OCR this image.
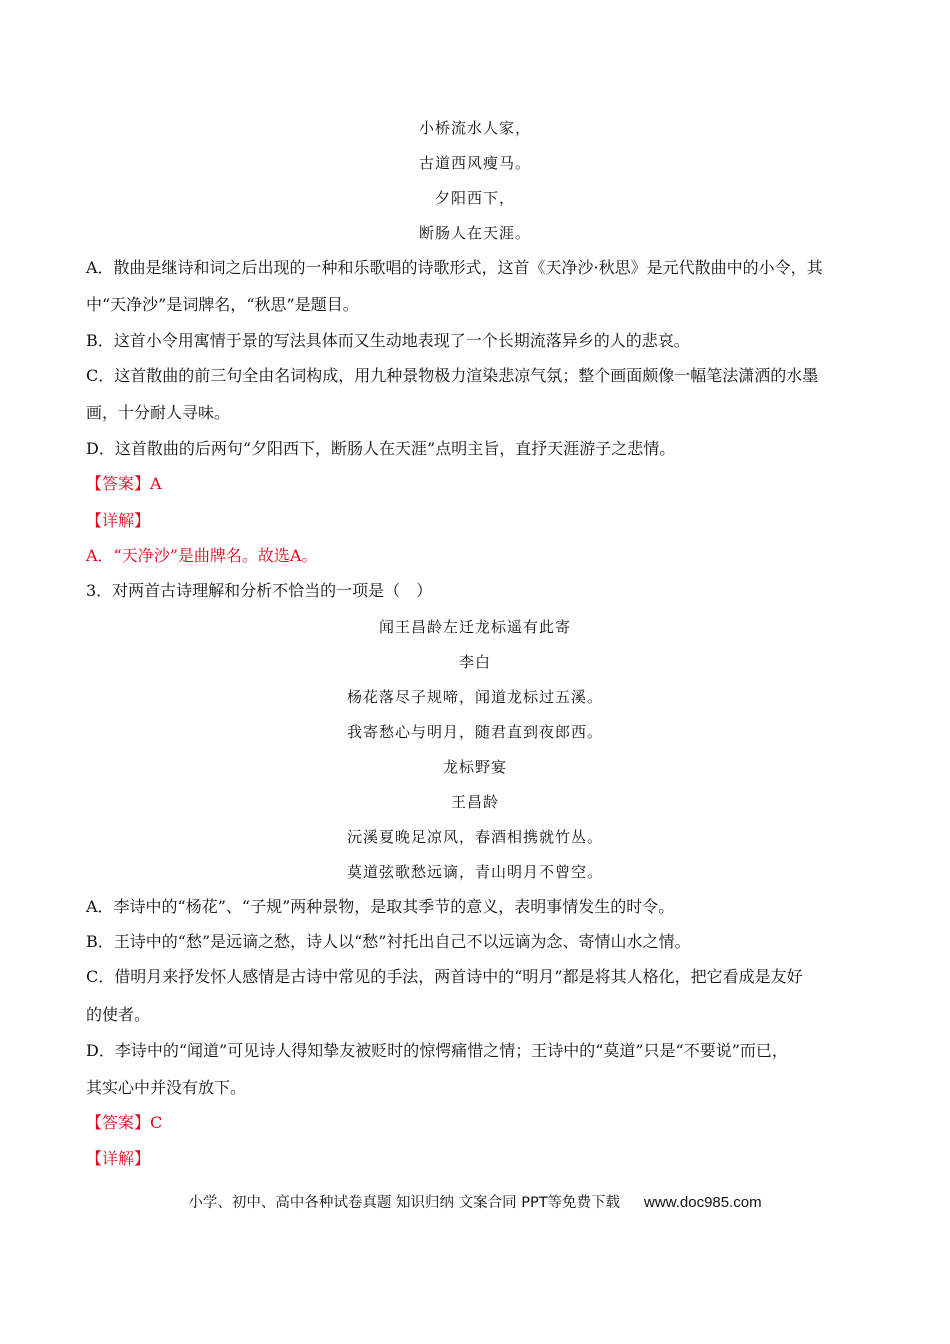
小桥流水人家，
古道西风瘦马。
夕阳西下，
断肠人在天涯。
A．散曲是继诗和词之后出现的一种和乐歌唱的诗歌形式，这首《天净沙·秋思》是元代散曲中的小令，其
中“天净沙”是词牌名，“秋思”是题目。
B．这首小令用寓情于景的写法具体而又生动地表现了一个长期流落异乡的人的悲哀。
C．这首散曲的前三句全由名词构成，用九种景物极力渲染悲凉气氛；整个画面颇像一幅笔法潇洒的水墨
画，十分耐人寻味。
D．这首散曲的后两句“夕阳西下，断肠人在天涯”点明主旨，直抒天涯游子之悲情。
【答案】A
【详解】
A．“天净沙”是曲牌名。故选A。
3．对两首古诗理解和分析不恰当的一项是（　）
闻王昌龄左迁龙标遥有此寄
李白
杨花落尽子规啼，闻道龙标过五溪。
我寄愁心与明月，随君直到夜郎西。
龙标野宴
王昌龄
沅溪夏晚足凉风，春酒相携就竹丛。
莫道弦歌愁远谪，青山明月不曾空。
A．李诗中的“杨花”、“子规”两种景物，是取其季节的意义，表明事情发生的时令。
B．王诗中的“愁”是远谪之愁，诗人以“愁”衬托出自己不以远谪为念、寄情山水之情。
C．借明月来抒发怀人感情是古诗中常见的手法，两首诗中的“明月”都是将其人格化，把它看成是友好
的使者。
D．李诗中的“闻道”可见诗人得知挚友被贬时的惊愕痛惜之情；王诗中的“莫道”只是“不要说”而已，
其实心中并没有放下。
【答案】C
【详解】
小学、初中、高中各种试卷真题 知识归纳 文案合同 PPT等免费下载 www.doc985.com
